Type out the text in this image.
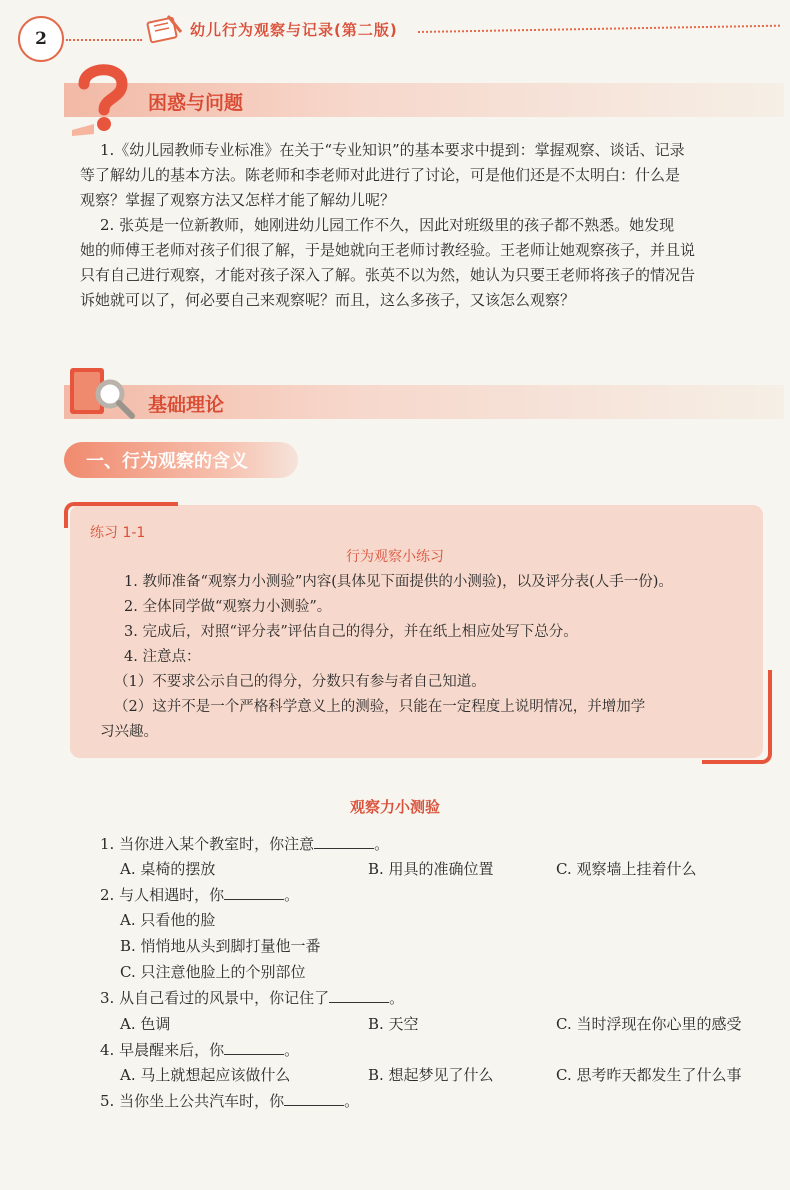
2	幼儿行为观察与记录(第二版)
困惑与问题

1.《幼儿园教师专业标准》在关于“专业知识”的基本要求中提到：掌握观察、谈话、记录

等了解幼儿的基本方法。陈老师和李老师对此进行了讨论，可是他们还是不太明白：什么是

观察？掌握了观察方法又怎样才能了解幼儿呢？

2. 张英是一位新教师，她刚进幼儿园工作不久，因此对班级里的孩子都不熟悉。她发现

她的师傅王老师对孩子们很了解，于是她就向王老师讨教经验。王老师让她观察孩子，并且说

只有自己进行观察，才能对孩子深入了解。张英不以为然，她认为只要王老师将孩子的情况告

诉她就可以了，何必要自己来观察呢？而且，这么多孩子，又该怎么观察？

基础理论
一、行为观察的含义
练习 1-1
行为观察小练习
1. 教师准备“观察力小测验”内容(具体见下面提供的小测验)，以及评分表(人手一份)。
2. 全体同学做“观察力小测验”。
3. 完成后，对照“评分表”评估自己的得分，并在纸上相应处写下总分。
4. 注意点：
（1）不要求公示自己的得分，分数只有参与者自己知道。
（2）这并不是一个严格科学意义上的测验，只能在一定程度上说明情况，并增加学
习兴趣。
观察力小测验
1. 当你进入某个教室时，你注意	。
A. 桌椅的摆放	B. 用具的准确位置	C. 观察墙上挂着什么
2. 与人相遇时，你	。
A. 只看他的脸
B. 悄悄地从头到脚打量他一番
C. 只注意他脸上的个别部位
3. 从自己看过的风景中，你记住了	。
A. 色调	B. 天空	C. 当时浮现在你心里的感受
4. 早晨醒来后，你	。
A. 马上就想起应该做什么	B. 想起梦见了什么	C. 思考昨天都发生了什么事
5. 当你坐上公共汽车时，你	。
